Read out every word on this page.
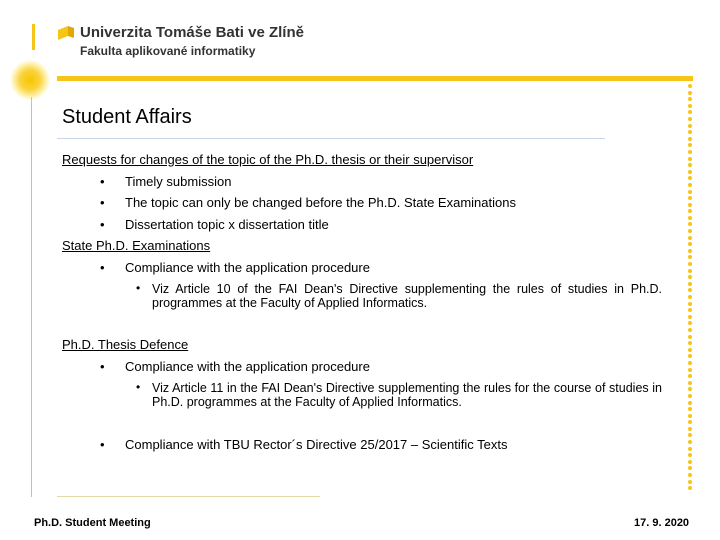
Univerzita Tomáše Bati ve Zlíně
Fakulta aplikované informatiky
Student Affairs
Requests for changes of the topic of the Ph.D. thesis or their supervisor
• Timely submission
• The topic can only be changed before the Ph.D. State Examinations
• Dissertation topic x dissertation title
State Ph.D. Examinations
• Compliance with the application procedure
• Viz Article 10 of the FAI Dean's Directive supplementing the rules of studies in Ph.D. programmes at the Faculty of Applied Informatics.
Ph.D. Thesis Defence
• Compliance with the application procedure
• Viz Article 11 in the FAI Dean's Directive supplementing the rules for the course of studies in Ph.D. programmes at the Faculty of Applied Informatics.
• Compliance with TBU Rector´s Directive 25/2017 – Scientific Texts
Ph.D. Student Meeting	17. 9. 2020
